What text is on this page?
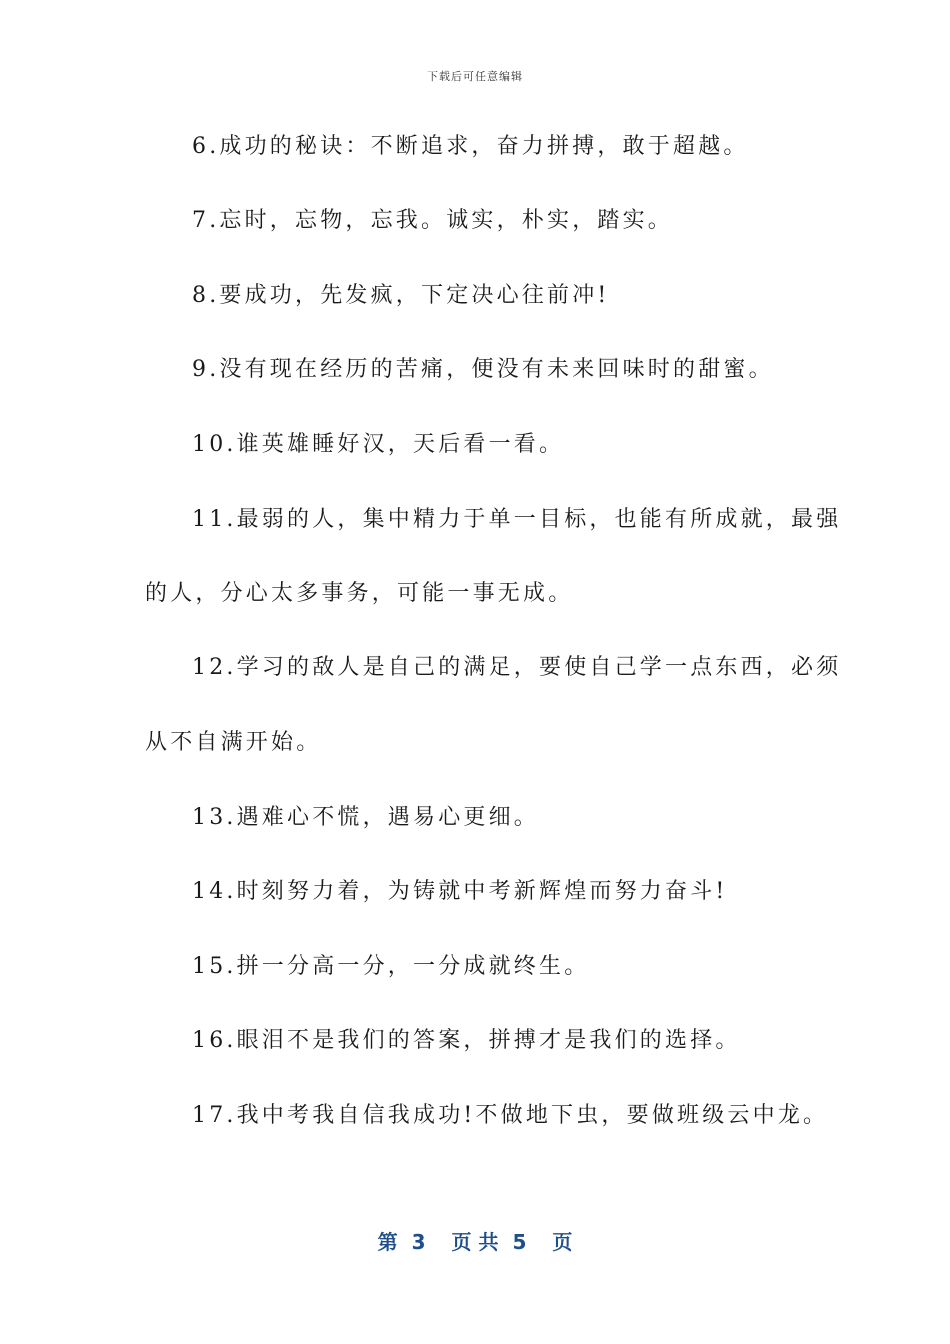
下载后可任意编辑
6.成功的秘诀：不断追求，奋力拼搏，敢于超越。
7.忘时，忘物，忘我。诚实，朴实，踏实。
8.要成功，先发疯，下定决心往前冲!
9.没有现在经历的苦痛，便没有未来回味时的甜蜜。
10.谁英雄睡好汉，天后看一看。
11.最弱的人，集中精力于单一目标，也能有所成就，最强
的人，分心太多事务，可能一事无成。
12.学习的敌人是自己的满足，要使自己学一点东西，必须
从不自满开始。
13.遇难心不慌，遇易心更细。
14.时刻努力着，为铸就中考新辉煌而努力奋斗!
15.拼一分高一分，一分成就终生。
16.眼泪不是我们的答案，拼搏才是我们的选择。
17.我中考我自信我成功!不做地下虫，要做班级云中龙。
第 3 页 共 5 页
